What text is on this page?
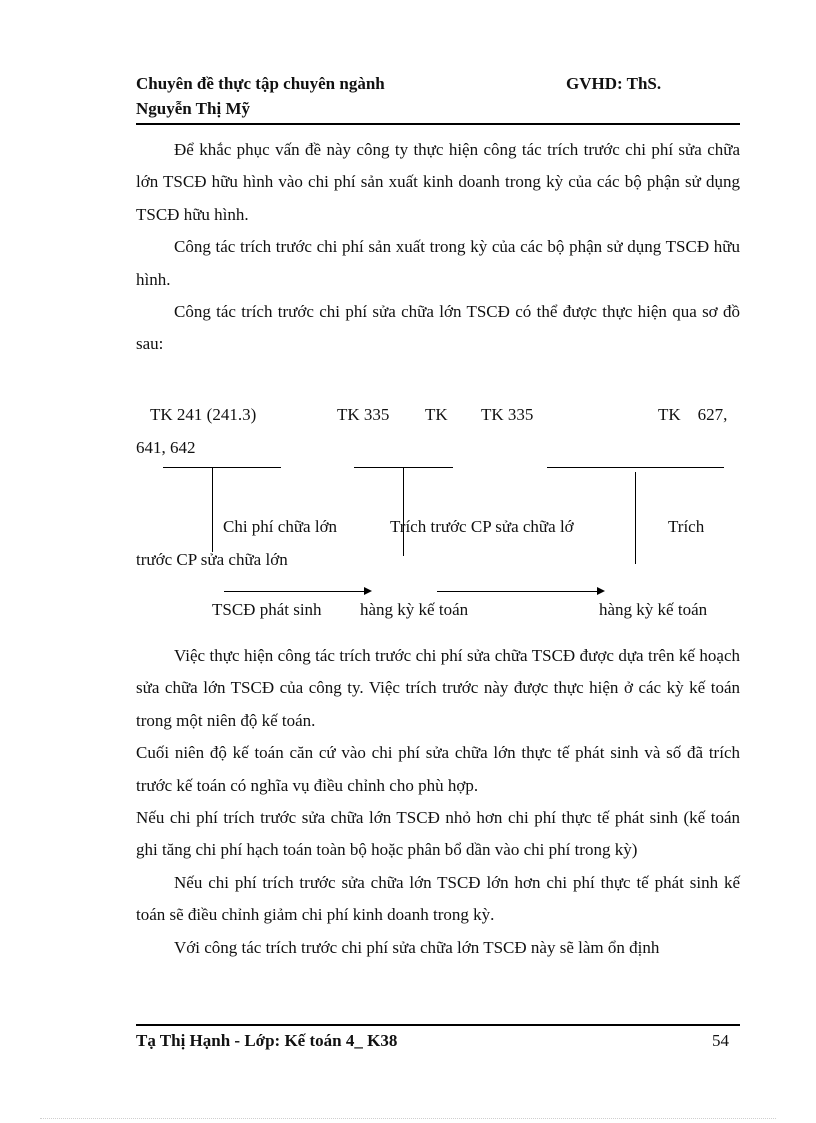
Chuyên đề thực tập chuyên ngành	GVHD: ThS.
Nguyễn Thị Mỹ

Để khắc phục vấn đề này công ty thực hiện công tác trích trước chi phí sửa chữa lớn TSCĐ hữu hình vào chi phí sản xuất kinh doanh trong kỳ của các bộ phận sử dụng TSCĐ hữu hình.

Công tác trích trước chi phí sản xuất trong kỳ của các bộ phận sử dụng TSCĐ hữu hình.

Công tác trích trước chi phí sửa chữa lớn TSCĐ có thể được thực hiện qua sơ đồ sau:

TK 241 (241.3)	TK 335 TK TK 335	TK    627,
641, 642
Chi phí chữa lớn	Trích trước CP sửa chữa lớ	Trích
trước CP sửa chữa lớn
TSCĐ phát sinh hàng kỳ kế toán	hàng kỳ kế toán

Việc thực hiện công tác trích trước chi phí sửa chữa TSCĐ được dựa trên kế hoạch sửa chữa lớn TSCĐ của công ty. Việc trích trước này được thực hiện ở các kỳ kế toán trong một niên độ kế toán.

Cuối niên độ kế toán căn cứ vào chi phí sửa chữa lớn thực tế phát sinh và số đã trích trước kế toán có nghĩa vụ điều chỉnh cho phù hợp.

Nếu chi phí trích trước sửa chữa lớn TSCĐ nhỏ hơn chi phí thực tế phát sinh (kế toán ghi tăng chi phí hạch toán toàn bộ hoặc phân bổ dần vào chi phí trong kỳ)

Nếu chi phí trích trước sửa chữa lớn TSCĐ lớn hơn chi phí thực tế phát sinh kế toán sẽ điều chỉnh giảm chi phí kinh doanh trong kỳ.

Với công tác trích trước chi phí sửa chữa lớn TSCĐ này sẽ làm ổn định

Tạ Thị Hạnh - Lớp: Kế toán 4_ K38	54
